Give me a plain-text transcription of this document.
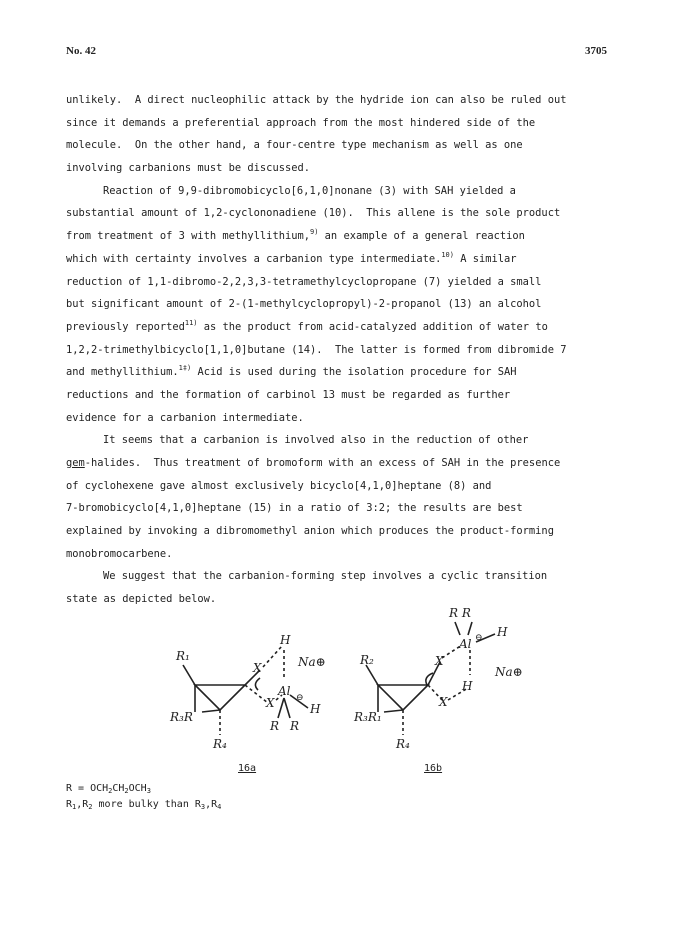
No. 42	3705
unlikely.  A direct nucleophilic attack by the hydride ion can also be ruled out
since it demands a preferential approach from the most hindered side of the
molecule.  On the other hand, a four-centre type mechanism as well as one
involving carbanions must be discussed.
Reaction of 9,9-dibromobicyclo[6,1,0]nonane (3) with SAH yielded a
substantial amount of 1,2-cyclononadiene (10).  This allene is the sole product
from treatment of 3 with methyllithium,$^{9)}$ an example of a general reaction
which with certainty involves a carbanion type intermediate.$^{10)}$ A similar
reduction of 1,1-dibromo-2,2,3,3-tetramethylcyclopropane (7) yielded a small
but significant amount of 2-(1-methylcyclopropyl)-2-propanol (13) an alcohol
previously reported$^{11)}$ as the product from acid-catalyzed addition of water to
1,2,2-trimethylbicyclo[1,1,0]butane (14).  The latter is formed from dibromide 7
and methyllithium.$^{1\ddagger)}$ Acid is used during the isolation procedure for SAH
reductions and the formation of carbinol 13 must be regarded as further
evidence for a carbanion intermediate.
It seems that a carbanion is involved also in the reduction of other
gem-halides.  Thus treatment of bromoform with an excess of SAH in the presence
of cyclohexene gave almost exclusively bicyclo[4,1,0]heptane (8) and
7-bromobicyclo[4,1,0]heptane (15) in a ratio of 3:2; the results are best
explained by invoking a dibromomethyl anion which produces the product-forming
monobromocarbene.
We suggest that the carbanion-forming step involves a cyclic transition
state as depicted below.
R₁
R₃R
R₄
H
X
Al
Na⊕
R R
H
⊖
X
R R
Al
H
⊖
Na⊕
R₂
R₃R₁
R₄
H
X
X
16a	16b
$R = OCH_2CH_2OCH_3$
$R_1,R_2$ more bulky than $R_3,R_4$
